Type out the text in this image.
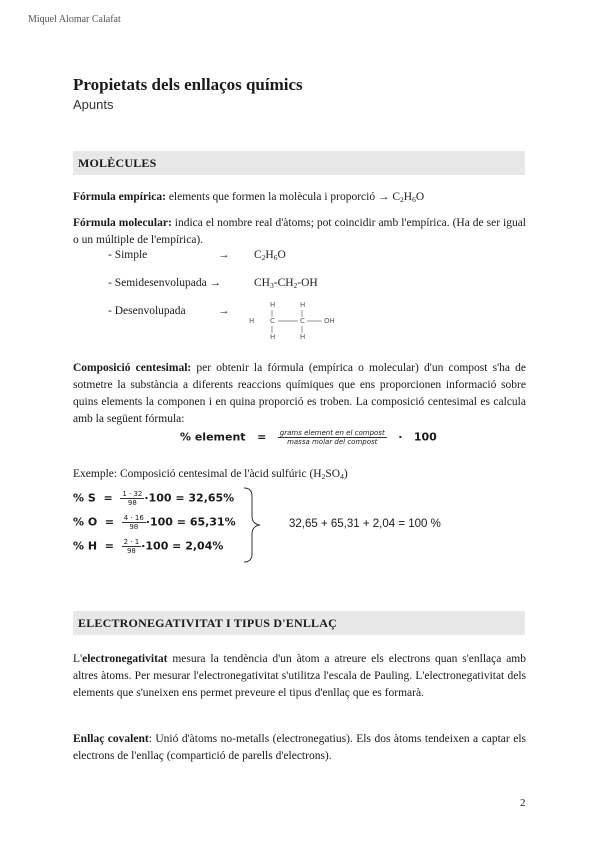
Miquel Alomar Calafat
Propietats dels enllaços químics
Apunts
MOLÈCULES
Fórmula empírica: elements que formen la molècula i proporció → $C_2H_6O$
Fórmula molecular: indica el nombre real d'àtoms; pot coincidir amb l'empírica. (Ha de ser igual o un múltiple de l'empírica).
- Simple	→ $C_2H_6O$
- Semidesenvolupada →	$CH_3-CH_2-OH$
- Desenvolupada	→	H	H
H C	C	OH
H	H
Composició centesimal: per obtenir la fórmula (empírica o molecular) d'un compost s'ha de sotmetre la substància a diferents reaccions químiques que ens proporcionen informació sobre quins elements la componen i en quina proporció es troben. La composició centesimal es calcula amb la següent fórmula:
% element = $\frac{\text{grams element en el compost}}{\text{massa molar del compost}} \cdot 100$
Exemple: Composició centesimal de l'àcid sulfúric $(H_2SO_4)$
% $S = \frac{1 \cdot 32}{98} \cdot 100 = 32,65\%$
% $O = \frac{4 \cdot 16}{98} \cdot 100 = 65,31\%$
% $H = \frac{2 \cdot 1}{98} \cdot 100 = 2,04\%$
32,65 + 65,31 + 2,04 = 100 %
ELECTRONEGATIVITAT I TIPUS D'ENLLAÇ
L'electronegativitat mesura la tendència d'un àtom a atreure els electrons quan s'enllaça amb altres àtoms. Per mesurar l'electronegativitat s'utilitza l'escala de Pauling. L'electronegativitat dels elements que s'uneixen ens permet preveure el tipus d'enllaç que es formarà.
Enllaç covalent: Unió d'àtoms no-metalls (electronegatius). Els dos àtoms tendeixen a captar els electrons de l'enllaç (compartició de parells d'electrons).
2
